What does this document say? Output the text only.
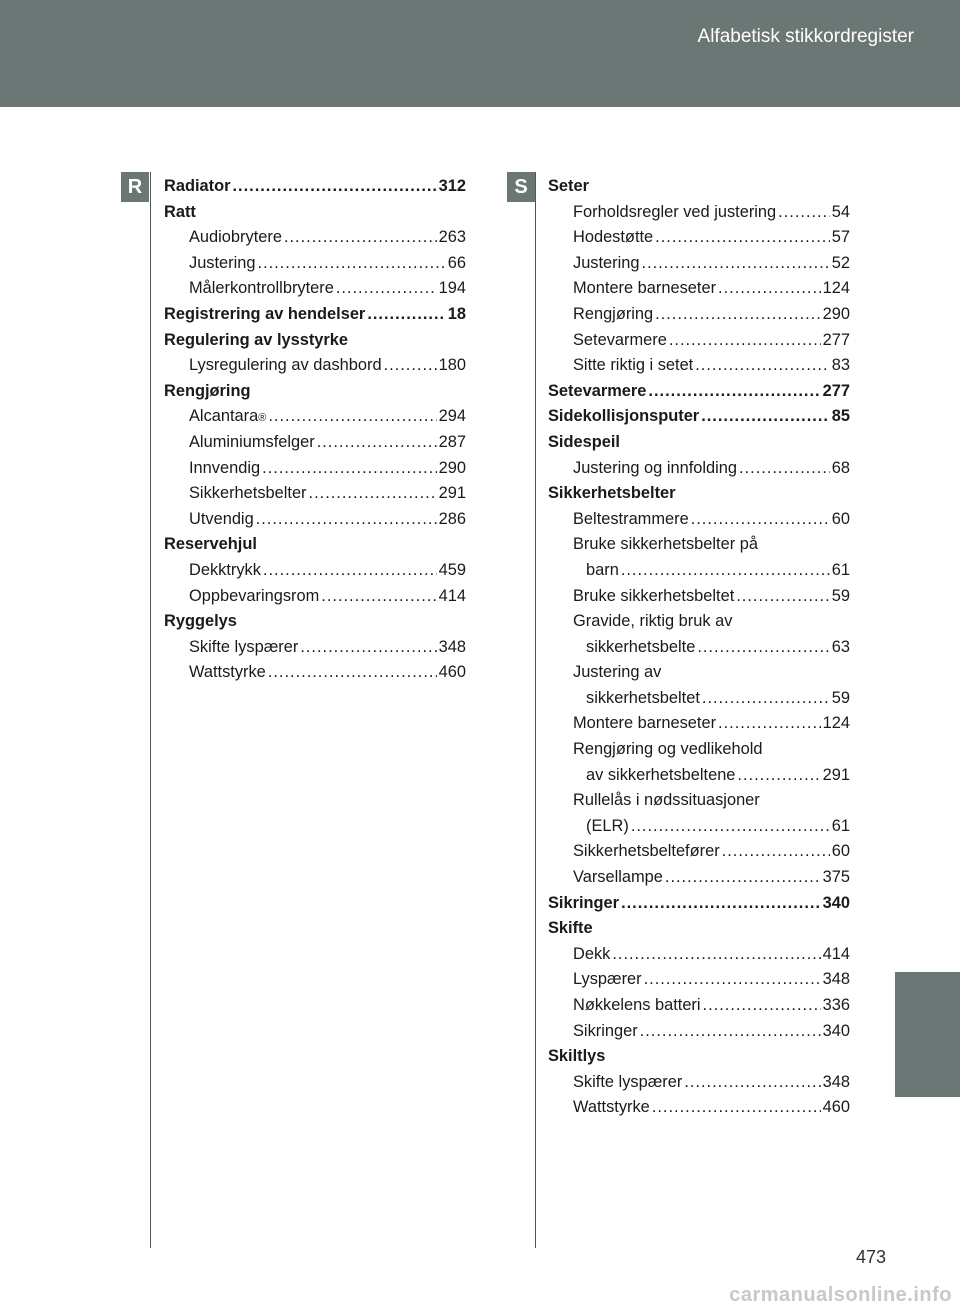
Alfabetisk stikkordregister
R	S
Radiator .....	312
Ratt
Audiobrytere .....	263
Justering .....	66
Målerkontrollbrytere .....	194
Registrering av hendelser .....	18
Regulering av lysstyrke
Lysregulering av dashbord .....	180
Rengjøring
Alcantara ® .....	294
Aluminiumsfelger .....	287
Innvendig .....	290
Sikkerhetsbelter .....	291
Utvendig .....	286
Reservehjul
Dekktrykk .....	459
Oppbevaringsrom .....	414
Ryggelys
Skifte lyspærer .....	348
Wattstyrke .....	460
Seter
Forholdsregler ved justering .....	54
Hodestøtte .....	57
Justering .....	52
Montere barneseter .....	124
Rengjøring .....	290
Setevarmere .....	277
Sitte riktig i setet .....	83
Setevarmere .....	277
Sidekollisjonsputer .....	85
Sidespeil
Justering og innfolding .....	68
Sikkerhetsbelter
Beltestrammere .....	60
Bruke sikkerhetsbelter på
barn .....	61
Bruke sikkerhetsbeltet .....	59
Gravide, riktig bruk av
sikkerhetsbelte .....	63
Justering av
sikkerhetsbeltet .....	59
Montere barneseter .....	124
Rengjøring og vedlikehold
av sikkerhetsbeltene .....	291
Rullelås i nødssituasjoner
(ELR) .....	61
Sikkerhetsbeltefører .....	60
Varsellampe .....	375
Sikringer .....	340
Skifte
Dekk .....	414
Lyspærer .....	348
Nøkkelens batteri .....	336
Sikringer .....	340
Skiltlys
Skifte lyspærer .....	348
Wattstyrke .....	460
473
carmanualsonline.info
